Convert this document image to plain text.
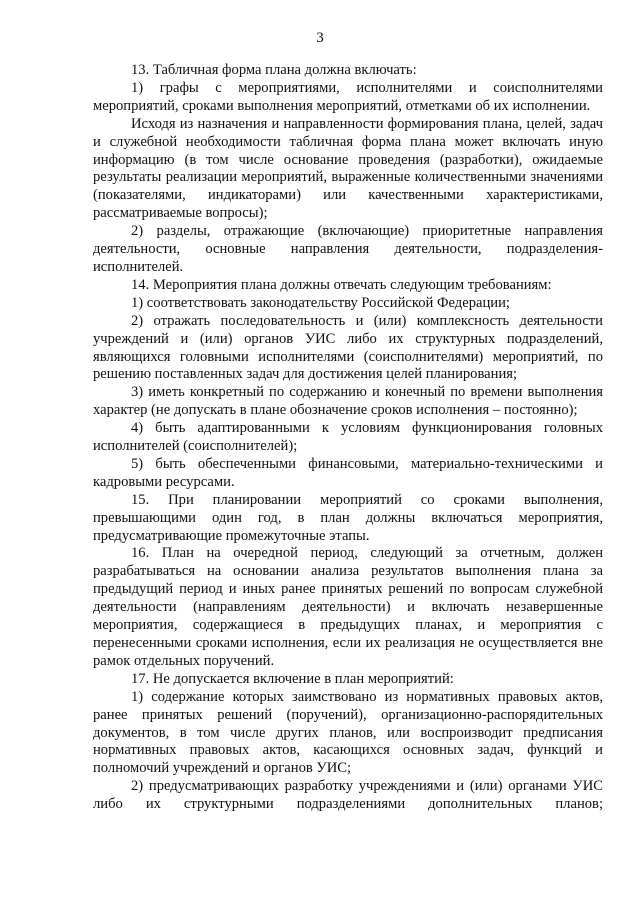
3

13. Табличная форма плана должна включать:

1) графы с мероприятиями, исполнителями и соисполнителями мероприятий, сроками выполнения мероприятий, отметками об их исполнении.

Исходя из назначения и направленности формирования плана, целей, задач и служебной необходимости табличная форма плана может включать иную информацию (в том числе основание проведения (разработки), ожидаемые результаты реализации мероприятий, выраженные количественными значениями (показателями, индикаторами) или качественными характеристиками, рассматриваемые вопросы);

2) разделы, отражающие (включающие) приоритетные направления деятельности, основные направления деятельности, подразделения-исполнителей.

14. Мероприятия плана должны отвечать следующим требованиям:

1) соответствовать законодательству Российской Федерации;

2) отражать последовательность и (или) комплексность деятельности учреждений и (или) органов УИС либо их структурных подразделений, являющихся головными исполнителями (соисполнителями) мероприятий, по решению поставленных задач для достижения целей планирования;

3) иметь конкретный по содержанию и конечный по времени выполнения характер (не допускать в плане обозначение сроков исполнения – постоянно);

4) быть адаптированными к условиям функционирования головных исполнителей (соисполнителей);

5) быть обеспеченными финансовыми, материально-техническими и кадровыми ресурсами.

15. При планировании мероприятий со сроками выполнения, превышающими один год, в план должны включаться мероприятия, предусматривающие промежуточные этапы.

16. План на очередной период, следующий за отчетным, должен разрабатываться на основании анализа результатов выполнения плана за предыдущий период и иных ранее принятых решений по вопросам служебной деятельности (направлениям деятельности) и включать незавершенные мероприятия, содержащиеся в предыдущих планах, и мероприятия с перенесенными сроками исполнения, если их реализация не осуществляется вне рамок отдельных поручений.

17. Не допускается включение в план мероприятий:

1) содержание которых заимствовано из нормативных правовых актов, ранее принятых решений (поручений), организационно-распорядительных документов, в том числе других планов, или воспроизводит предписания нормативных правовых актов, касающихся основных задач, функций и полномочий учреждений и органов УИС;

2) предусматривающих разработку учреждениями и (или) органами УИС либо их структурными подразделениями дополнительных планов;
